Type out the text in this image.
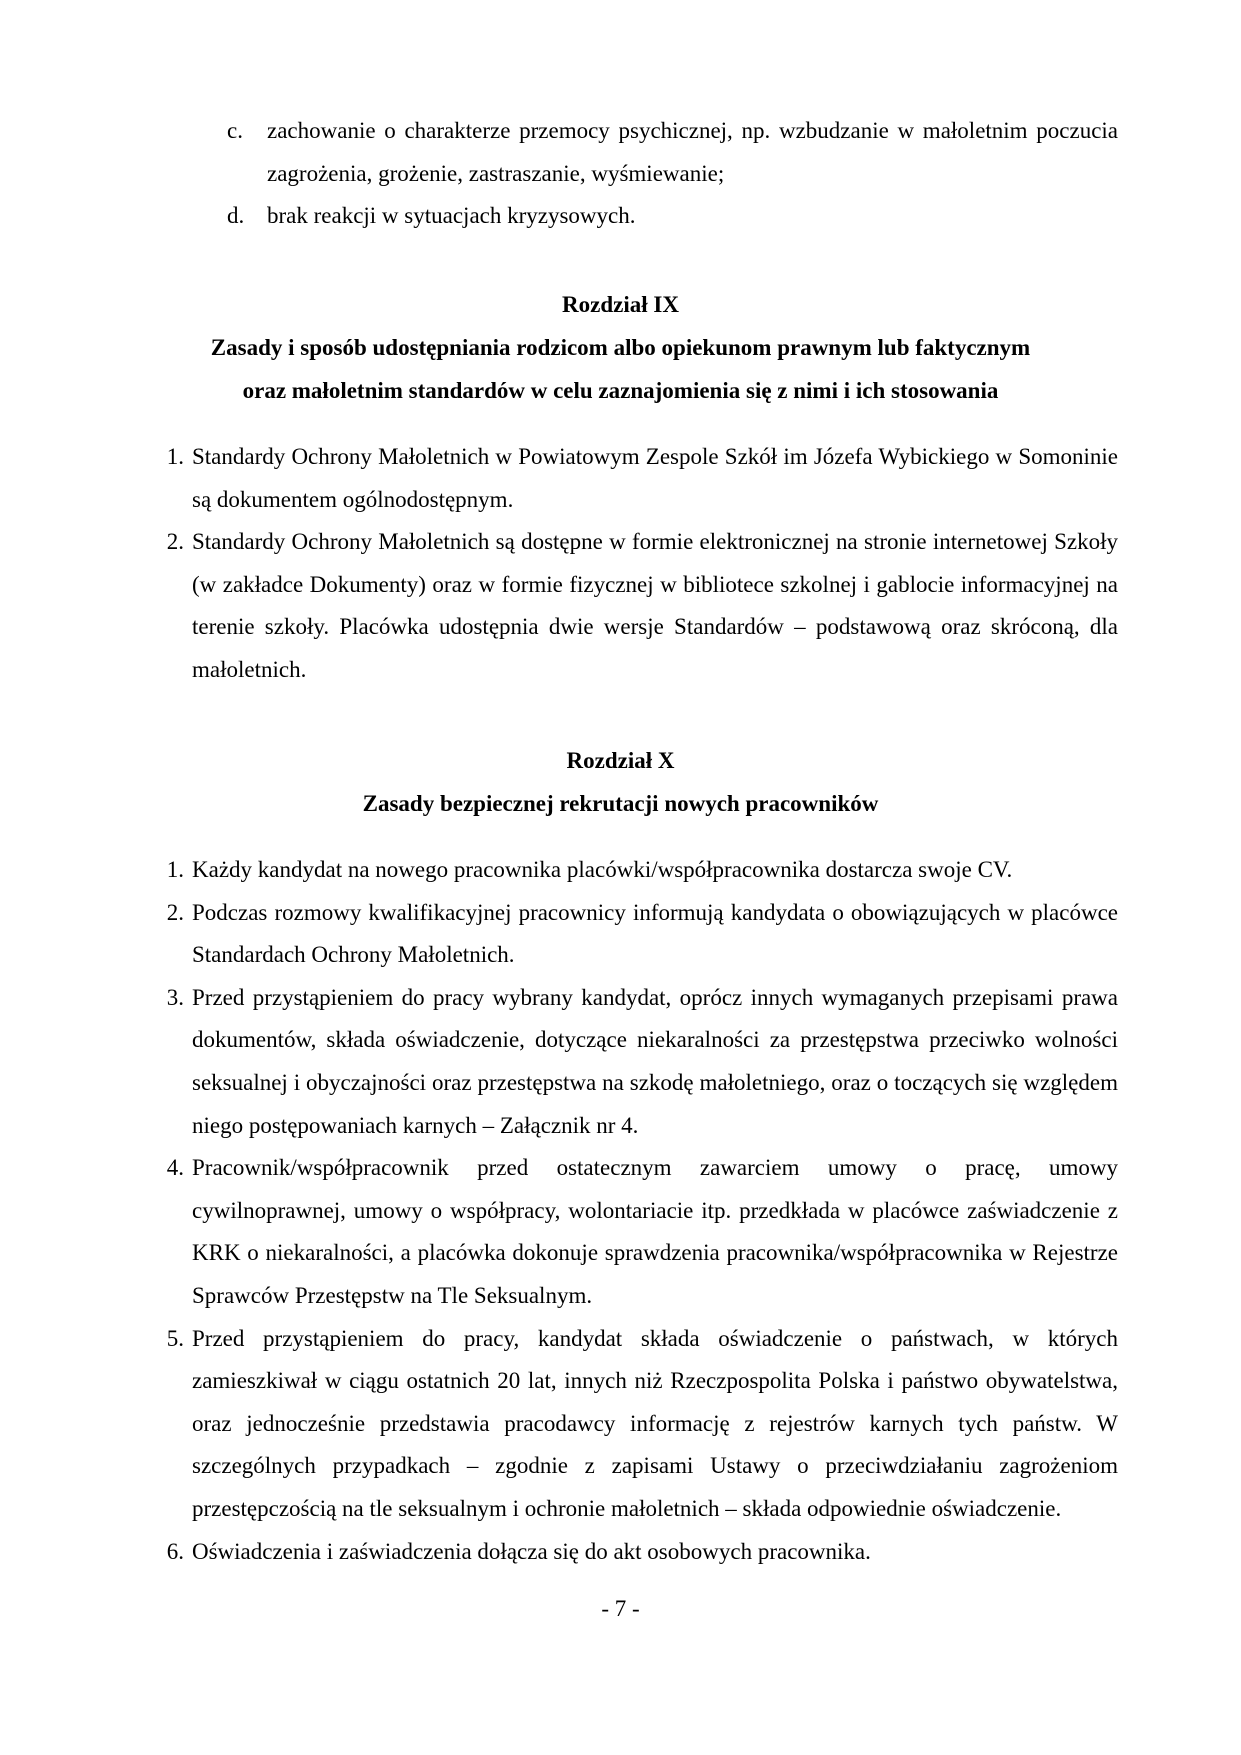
c.	zachowanie o charakterze przemocy psychicznej, np. wzbudzanie w małoletnim poczucia zagrożenia, grożenie, zastraszanie, wyśmiewanie;
d. brak reakcji w sytuacjach kryzysowych.
Rozdział IX
Zasady i sposób udostępniania rodzicom albo opiekunom prawnym lub faktycznym
oraz małoletnim standardów w celu zaznajomienia się z nimi i ich stosowania
1. Standardy Ochrony Małoletnich w Powiatowym Zespole Szkół im Józefa Wybickiego w Somoninie są dokumentem ogólnodostępnym.
2. Standardy Ochrony Małoletnich są dostępne w formie elektronicznej na stronie internetowej Szkoły (w zakładce Dokumenty) oraz w formie fizycznej w bibliotece szkolnej i gablocie informacyjnej na terenie szkoły. Placówka udostępnia dwie wersje Standardów – podstawową oraz skróconą, dla małoletnich.
Rozdział X
Zasady bezpiecznej rekrutacji nowych pracowników
1. Każdy kandydat na nowego pracownika placówki/współpracownika dostarcza swoje CV.
2. Podczas rozmowy kwalifikacyjnej pracownicy informują kandydata o obowiązujących w placówce Standardach Ochrony Małoletnich.
3. Przed przystąpieniem do pracy wybrany kandydat, oprócz innych wymaganych przepisami prawa dokumentów, składa oświadczenie, dotyczące niekaralności za przestępstwa przeciwko wolności seksualnej i obyczajności oraz przestępstwa na szkodę małoletniego, oraz o toczących się względem niego postępowaniach karnych – Załącznik nr 4.
4. Pracownik/współpracownik przed ostatecznym zawarciem umowy o pracę, umowy cywilnoprawnej, umowy o współpracy, wolontariacie itp. przedkłada w placówce zaświadczenie z KRK o niekaralności, a placówka dokonuje sprawdzenia pracownika/współpracownika w Rejestrze Sprawców Przestępstw na Tle Seksualnym.
5. Przed przystąpieniem do pracy, kandydat składa oświadczenie o państwach, w których zamieszkiwał w ciągu ostatnich 20 lat, innych niż Rzeczpospolita Polska i państwo obywatelstwa, oraz jednocześnie przedstawia pracodawcy informację z rejestrów karnych tych państw. W szczególnych przypadkach – zgodnie z zapisami Ustawy o przeciwdziałaniu zagrożeniom przestępczością na tle seksualnym i ochronie małoletnich – składa odpowiednie oświadczenie.
6. Oświadczenia i zaświadczenia dołącza się do akt osobowych pracownika.
- 7 -
